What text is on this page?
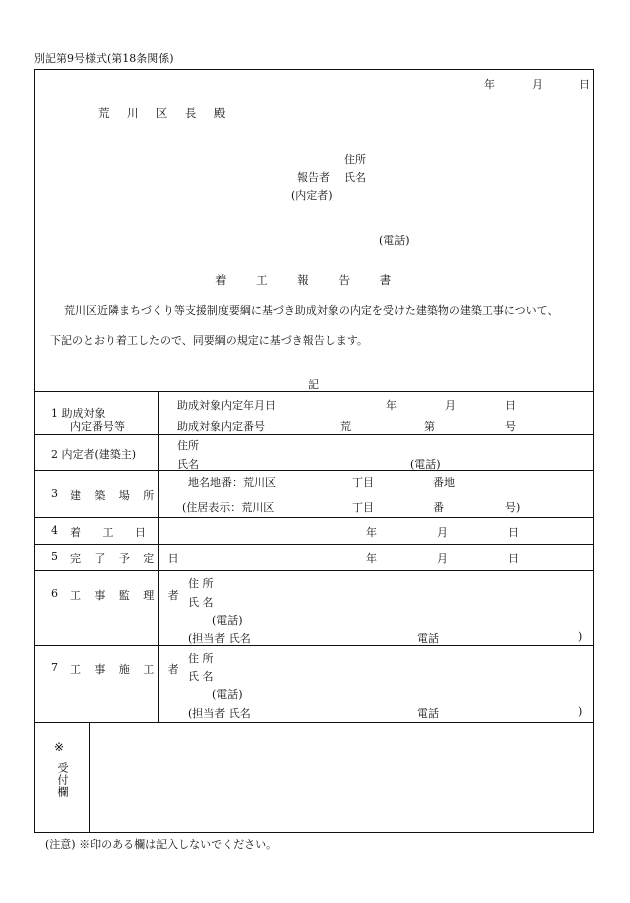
別記第9号様式(第18条関係)
年	月	日
荒 川 区 長 殿
住所
報告者 氏名
(内定者)
(電話)
着 工 報 告 書
荒川区近隣まちづくり等支援制度要綱に基づき助成対象の内定を受けた建築物の建築工事について、
下記のとおり着工したので、同要綱の規定に基づき報告します。
記
1 助成対象
内定番号等
助成対象内定年月日	年	月	日
助成対象内定番号	荒	第	号
2 内定者(建築主)
住所
氏名	(電話)
3 建 築 場 所
地名地番：荒川区	丁目	番地
(住居表示：荒川区	丁目	番	号)
4 着 工 日	年	月	日
5 完 了 予 定 日	年	月	日
6 工 事 監 理 者
住 所
氏 名
(電話)
(担当者 氏名	電話	)
7 工 事 施 工 者
住 所
氏 名
(電話)
(担当者 氏名	電話	)
※
受付欄
(注意) ※印のある欄は記入しないでください。
